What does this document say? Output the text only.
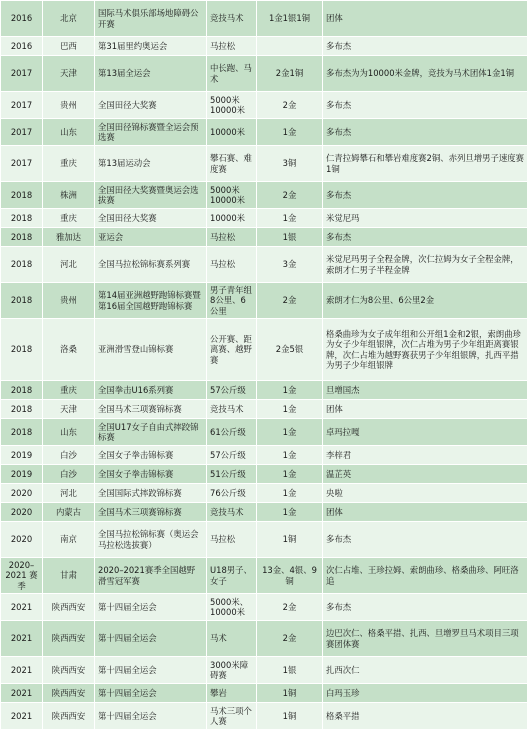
2016	北京	国际马术俱乐部场地障碍公开赛	竞技马术	1金1银1铜	团体
2016	巴西	第31届里约奥运会	马拉松		多布杰
2017	天津	第13届全运会	中长跑、马术	2金1铜	多布杰为为10000米金牌，竞技为马术团体1金1铜
2017	贵州	全国田径大奖赛	5000米 10000米	2金	多布杰
2017	山东	全国田径锦标赛暨全运会预选赛	10000米	1金	多布杰
2017	重庆	第13届运动会	攀石赛、难度赛	3铜	仁青拉姆攀石和攀岩难度赛2铜、赤列旦增男子速度赛1铜
2018	株洲	全国田径大奖赛暨奥运会选拔赛	5000米 10000米	2金	多布杰
2018	重庆	全国田径大奖赛	10000米	1金	米觉尼玛
2018	雅加达	亚运会	马拉松	1银	多布杰
2018	河北	全国马拉松锦标赛系列赛	马拉松	3金	米觉尼玛男子全程金牌，次仁拉姆为女子全程金牌，索朗才仁男子半程金牌
2018	贵州	第14届亚洲越野跑锦标赛暨第16届全国越野跑锦标赛	男子青年组8公里、6公里	2金	索朗才仁为8公里、6公里2金
2018	洛桑	亚洲滑雪登山锦标赛	公开赛、距离赛、越野赛	2金5银	格桑曲珍为女子成年组和公开组1金和2银，索朗曲珍为女子少年组银牌，次仁占堆为男子少年组距离赛银牌，次仁占堆为越野赛获男子少年组银牌，扎西平措为男子少年组银牌
2018	重庆	全国拳击U16系列赛	57公斤级	1金	旦增国杰
2018	天津	全国马术三项赛锦标赛	竞技马术	1金	团体
2018	山东	全国U17女子自由式摔跤锦标赛	61公斤级	1金	卓玛拉嘎
2019	白沙	全国女子拳击锦标赛	57公斤级	1金	李梓君
2019	白沙	全国女子拳击锦标赛	51公斤级	1金	温芷英
2020	河北	全国国际式摔跤锦标赛	76公斤级	1金	央啦
2020	内蒙古	全国马术三项赛锦标赛	竞技马术	1金	团体
2020	南京	全国马拉松锦标赛（奥运会马拉松选拔赛）	马拉松	1铜	多布杰
2020–2021 赛季	甘肃	2020–2021赛季全国越野滑雪冠军赛	U18男子、女子	13金、4银、9铜	次仁占堆、王珍拉姆、索朗曲珍、格桑曲珍、阿旺洛追
2021	陕西西安	第十四届全运会	5000米、10000米	2金	多布杰
2021	陕西西安	第十四届全运会	马术	2金	边巴次仁、格桑平措、扎西、旦增罗旦马术项目三项赛团体赛
2021	陕西西安	第十四届全运会	3000米障碍赛	1银	扎西次仁
2021	陕西西安	第十四届全运会	攀岩	1铜	白玛玉珍
2021	陕西西安	第十四届全运会	马术三项个人赛	1铜	格桑平措
